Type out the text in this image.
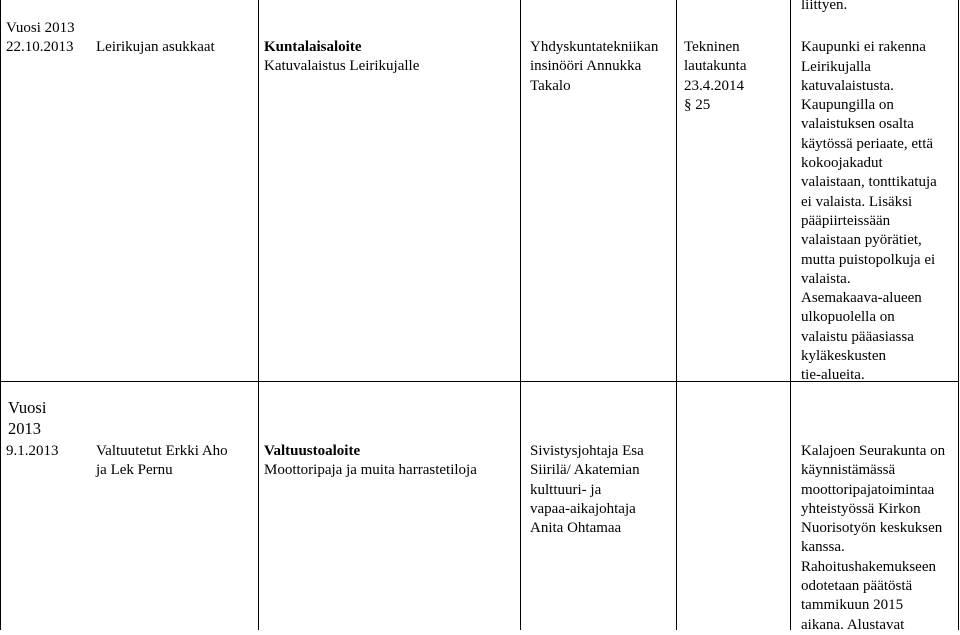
Vuosi 2013
22.10.2013 Leirikujan asukkaat	Kuntalaisaloite
Katuvalaistus Leirikujalle
Yhdyskuntatekniikan
insinööri Annukka
Takalo
Tekninen
lautakunta
23.4.2014
§ 25
liittyen.
Kaupunki ei rakenna
Leirikujalla
katuvalaistusta.
Kaupungilla on
valaistuksen osalta
käytössä periaate, että
kokoojakadut
valaistaan, tonttikatuja
ei valaista. Lisäksi
pääpiirteissään
valaistaan pyörätiet,
mutta puistopolkuja ei
valaista.
Asemakaava-alueen
ulkopuolella on
valaistu pääasiassa
kyläkeskusten
tie-alueita.
Vuosi
2013
9.1.2013	Valtuutetut Erkki Aho
ja Lek Pernu
Valtuustoaloite
Moottoripaja ja muita harrastetiloja
Sivistysjohtaja Esa
Siirilä/ Akatemian
kulttuuri- ja
vapaa-aikajohtaja
Anita Ohtamaa
Kalajoen Seurakunta on
käynnistämässä
moottoripajatoimintaa
yhteistyössä Kirkon
Nuorisotyön keskuksen
kanssa.
Rahoitushakemukseen
odotetaan päätöstä
tammikuun 2015
aikana. Alustavat
